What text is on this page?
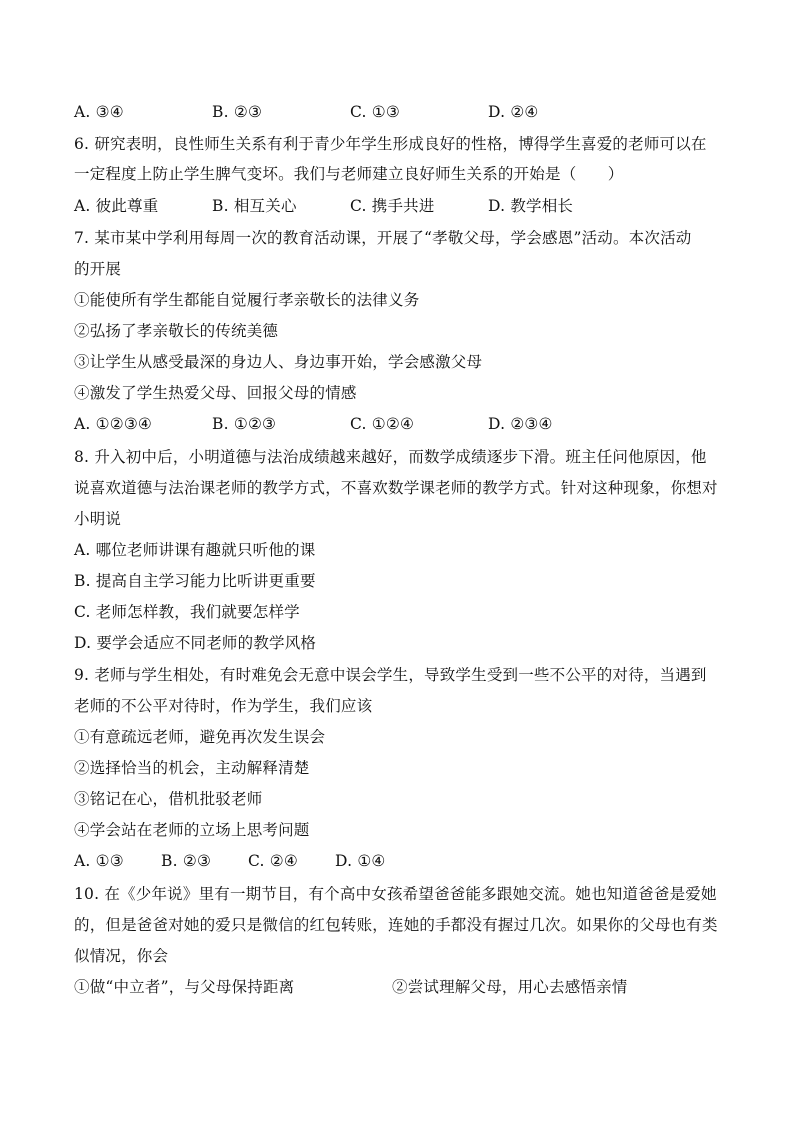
A. ③④	B. ②③	C. ①③	D. ②④
6. 研究表明，良性师生关系有利于青少年学生形成良好的性格，博得学生喜爱的老师可以在
一定程度上防止学生脾气变坏。我们与老师建立良好师生关系的开始是（　　）
A. 彼此尊重	B. 相互关心	C. 携手共进	D. 教学相长
7. 某市某中学利用每周一次的教育活动课，开展了“孝敬父母，学会感恩”活动。本次活动
的开展
①能使所有学生都能自觉履行孝亲敬长的法律义务
②弘扬了孝亲敬长的传统美德
③让学生从感受最深的身边人、身边事开始，学会感激父母
④激发了学生热爱父母、回报父母的情感
A. ①②③④	B. ①②③	C. ①②④	D. ②③④
8. 升入初中后，小明道德与法治成绩越来越好，而数学成绩逐步下滑。班主任问他原因，他
说喜欢道德与法治课老师的教学方式，不喜欢数学课老师的教学方式。针对这种现象，你想对
小明说
A. 哪位老师讲课有趣就只听他的课
B. 提高自主学习能力比听讲更重要
C. 老师怎样教，我们就要怎样学
D. 要学会适应不同老师的教学风格
9. 老师与学生相处，有时难免会无意中误会学生，导致学生受到一些不公平的对待，当遇到
老师的不公平对待时，作为学生，我们应该
①有意疏远老师，避免再次发生误会
②选择恰当的机会，主动解释清楚
③铭记在心，借机批驳老师
④学会站在老师的立场上思考问题
A. ①③ B. ②③ C. ②④ D. ①④
10. 在《少年说》里有一期节目，有个高中女孩希望爸爸能多跟她交流。她也知道爸爸是爱她
的，但是爸爸对她的爱只是微信的红包转账，连她的手都没有握过几次。如果你的父母也有类
似情况，你会
①做“中立者”，与父母保持距离	②尝试理解父母，用心去感悟亲情
